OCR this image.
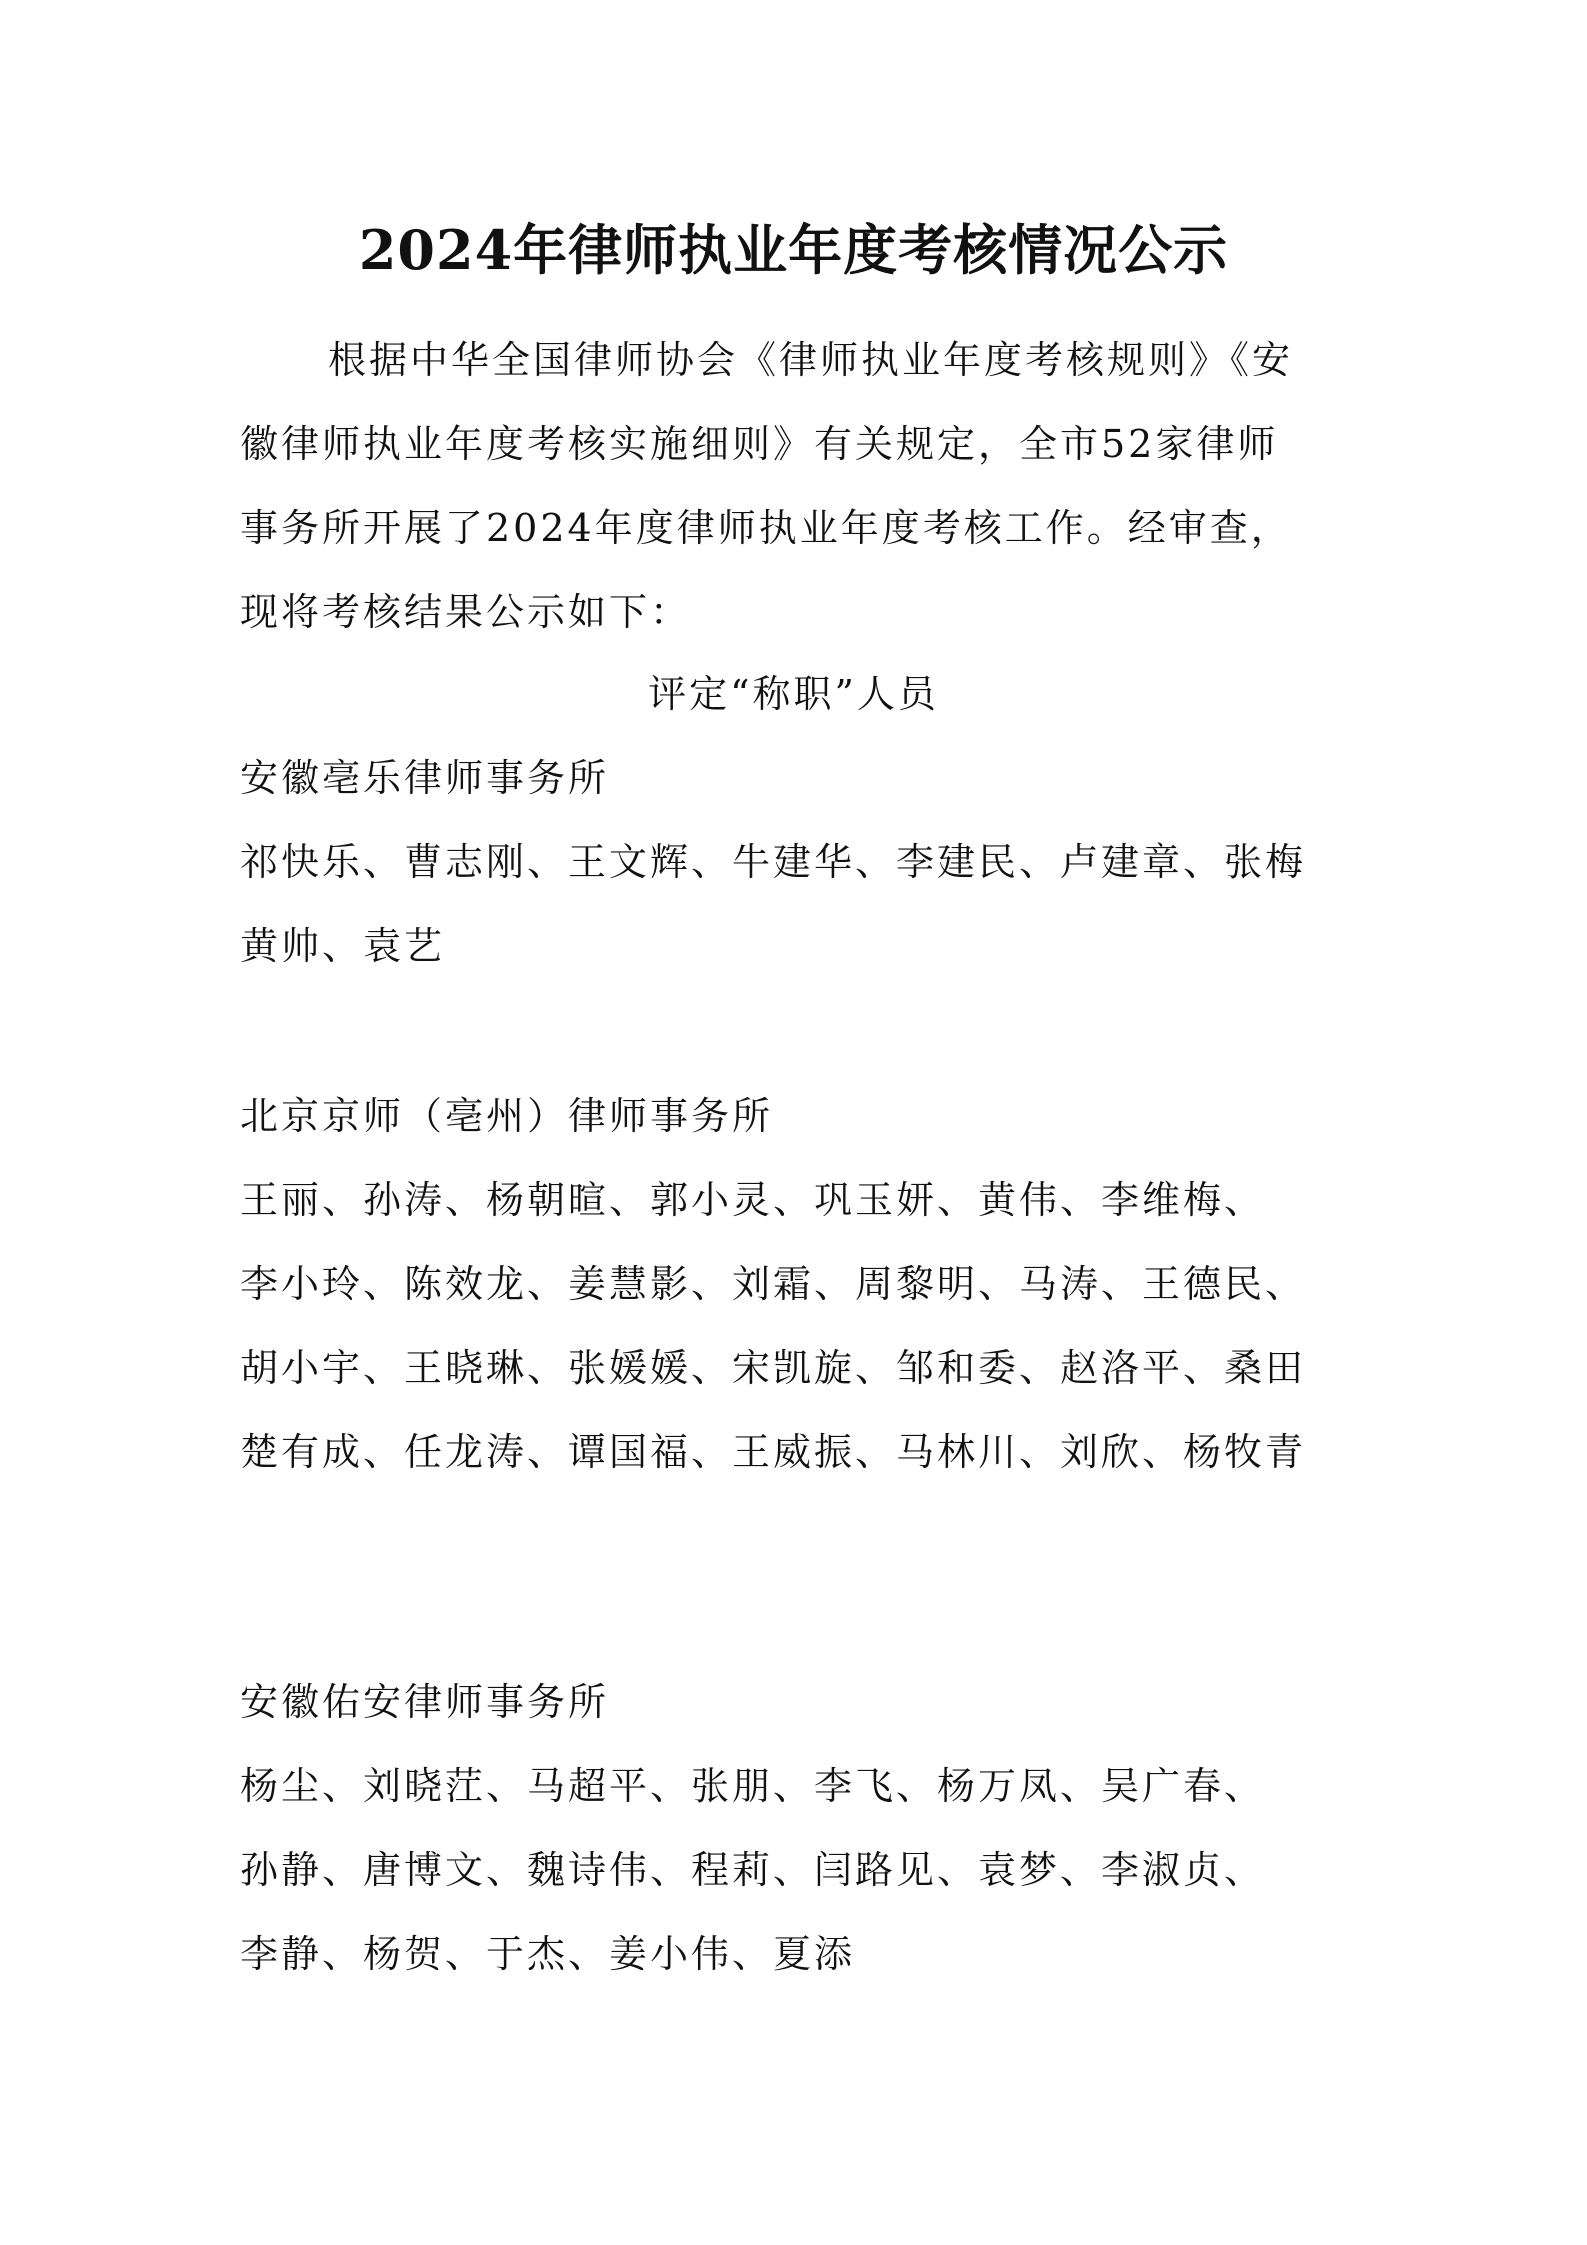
2024年律师执业年度考核情况公示
根据中华全国律师协会《律师执业年度考核规则》《安
徽律师执业年度考核实施细则》有关规定，全市52家律师
事务所开展了2024年度律师执业年度考核工作。经审查，
现将考核结果公示如下：
评定“称职”人员
安徽亳乐律师事务所
祁快乐、曹志刚、王文辉、牛建华、李建民、卢建章、张梅
黄帅、袁艺
北京京师（亳州）律师事务所
王丽、孙涛、杨朝暄、郭小灵、巩玉妍、黄伟、李维梅、
李小玲、陈效龙、姜慧影、刘霜、周黎明、马涛、王德民、
胡小宇、王晓琳、张媛媛、宋凯旋、邹和委、赵洛平、桑田
楚有成、任龙涛、谭国福、王威振、马林川、刘欣、杨牧青
安徽佑安律师事务所
杨尘、刘晓茳、马超平、张朋、李飞、杨万凤、吴广春、
孙静、唐博文、魏诗伟、程莉、闫路见、袁梦、李淑贞、
李静、杨贺、于杰、姜小伟、夏添
